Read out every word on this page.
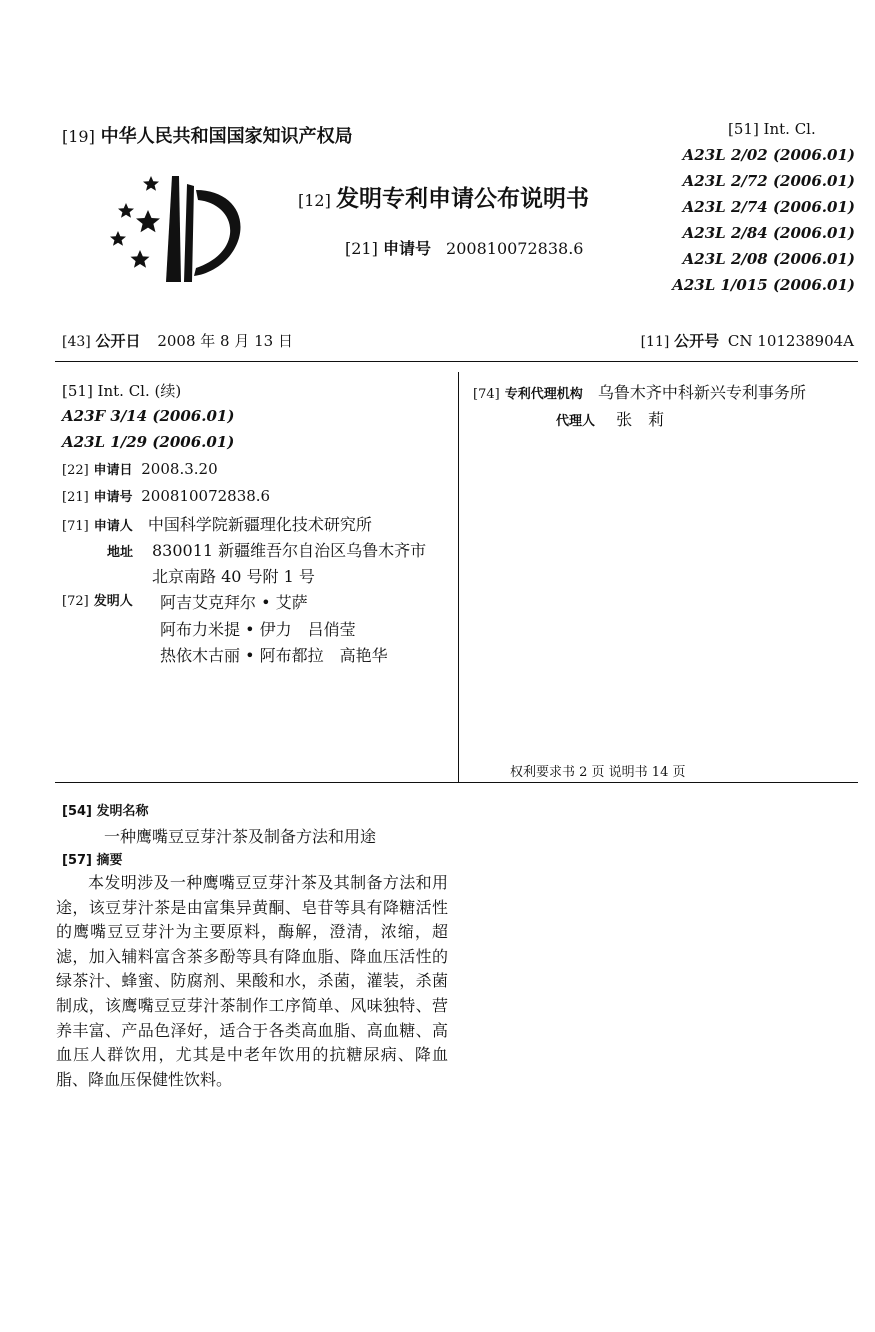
[19] 中华人民共和国国家知识产权局
[12] 发明专利申请公布说明书
[21] 申请号 200810072838.6
[51] Int. Cl.
A23L 2/02 (2006.01)
A23L 2/72 (2006.01)
A23L 2/74 (2006.01)
A23L 2/84 (2006.01)
A23L 2/08 (2006.01)
A23L 1/015 (2006.01)
[43] 公开日 2008 年 8 月 13 日	[11] 公开号 CN 101238904A
[51] Int. Cl. (续)
A23F 3/14 (2006.01)
A23L 1/29 (2006.01)
[22] 申请日 2008.3.20
[21] 申请号 200810072838.6
[71] 申请人 中国科学院新疆理化技术研究所
地址 830011 新疆维吾尔自治区乌鲁木齐市
北京南路 40 号附 1 号
[72] 发明人 阿吉艾克拜尔 • 艾萨
阿布力米提 • 伊力　吕俏莹
热依木古丽 • 阿布都拉　高艳华
[74] 专利代理机构 乌鲁木齐中科新兴专利事务所
代理人 张　莉
权利要求书 2 页 说明书 14 页
[54] 发明名称
一种鹰嘴豆豆芽汁茶及制备方法和用途
[57] 摘要
本发明涉及一种鹰嘴豆豆芽汁茶及其制备方法和用途，该豆芽汁茶是由富集异黄酮、皂苷等具有降糖活性的鹰嘴豆豆芽汁为主要原料，酶解，澄清，浓缩，超滤，加入辅料富含茶多酚等具有降血脂、降血压活性的绿茶汁、蜂蜜、防腐剂、果酸和水，杀菌，灌装，杀菌制成，该鹰嘴豆豆芽汁茶制作工序简单、风味独特、营养丰富、产品色泽好，适合于各类高血脂、高血糖、高血压人群饮用，尤其是中老年饮用的抗糖尿病、降血脂、降血压保健性饮料。
